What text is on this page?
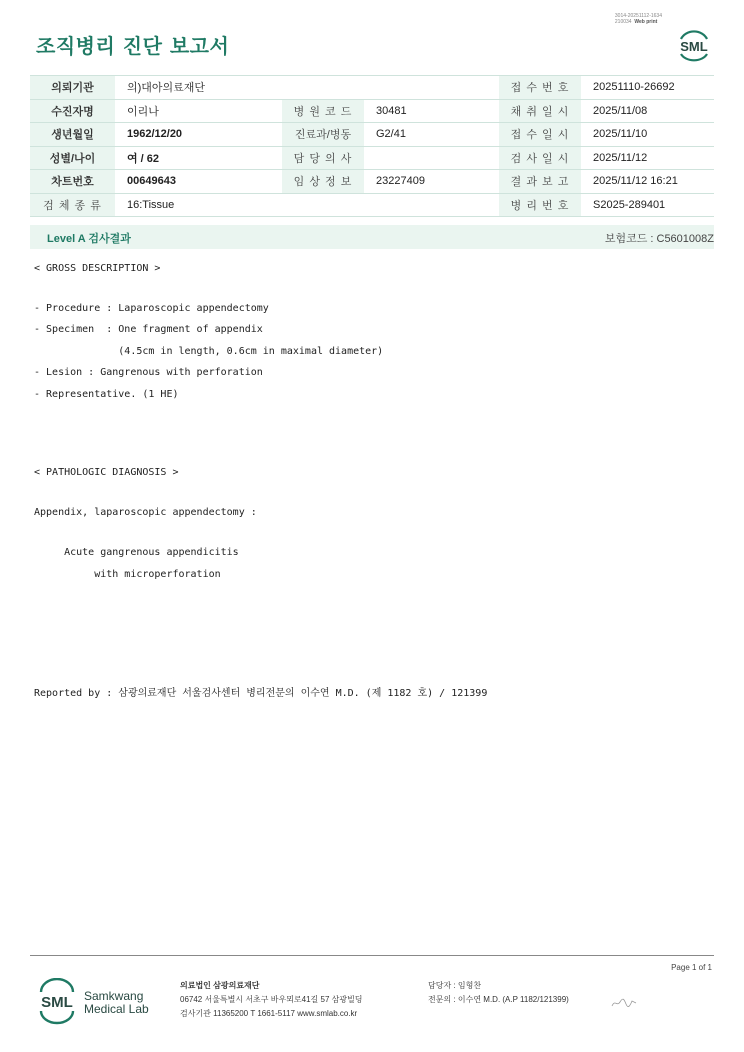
3014-20251112-1634
210034 Web print
조직병리 진단 보고서	SML
의뢰기관	의)대아의료재단			접 수 번 호	20251110-26692
수진자명	이리나	병 원 코 드	30481	채 취 일 시	2025/11/08
생년월일	1962/12/20	진료과/병동	G2/41	접 수 일 시	2025/11/10
성별/나이	여 / 62	담 당 의 사		검 사 일 시	2025/11/12
차트번호	00649643	임 상 정 보	23227409	결 과 보 고	2025/11/12 16:21
검 체 종 류	16:Tissue			병 리 번 호	S2025-289401
Level A 검사결과	보험코드 : C5601008Z
< GROSS DESCRIPTION >
- Procedure : Laparoscopic appendectomy
- Specimen  : One fragment of appendix
(4.5cm in length, 0.6cm in maximal diameter)
- Lesion : Gangrenous with perforation
- Representative. (1 HE)
< PATHOLOGIC DIAGNOSIS >
Appendix, laparoscopic appendectomy :
Acute gangrenous appendicitis
with microperforation
Reported by : 삼광의료재단 서울검사센터 병리전문의 이수연 M.D. (제 1182 호) / 121399
Page 1 of 1
SML Samkwang
Medical Lab
의료법인 삼광의료재단
06742 서울특별시 서초구 바우뫼로41길 57 삼광빌딩
검사기관 11365200 T 1661-5117 www.smlab.co.kr
담당자 : 임형찬
전문의 : 이수연 M.D. (A.P 1182/121399)
